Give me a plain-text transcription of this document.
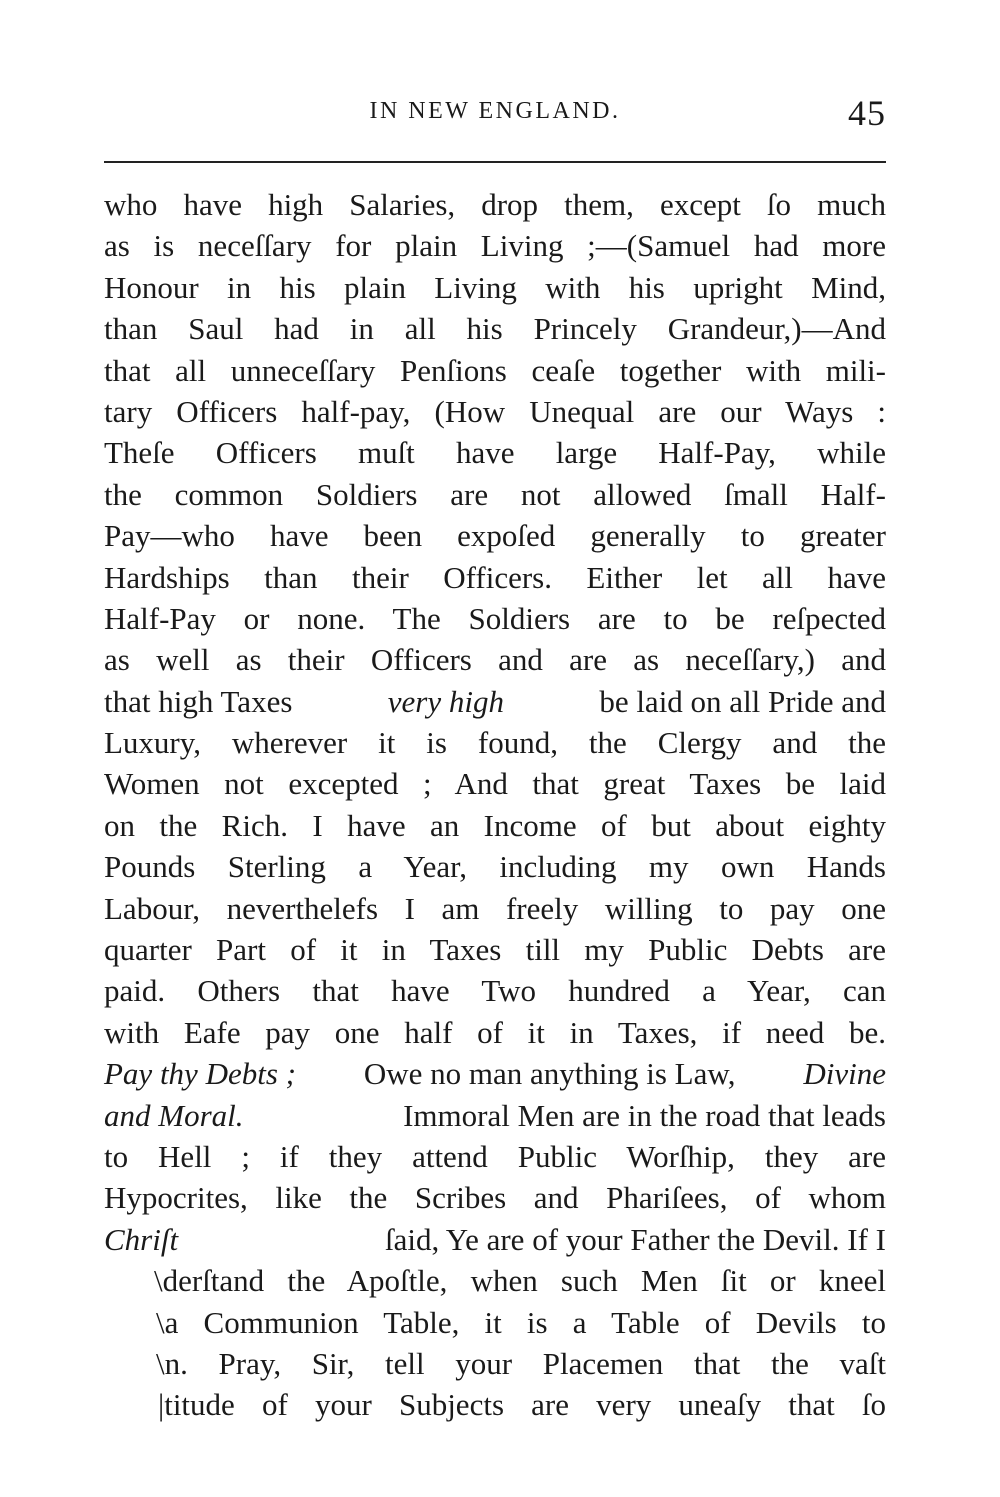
IN NEW ENGLAND.	45
who have high Salaries, drop them, except ſo much
as is neceſſary for plain Living ;—(Samuel had more
Honour in his plain Living with his upright Mind,
than Saul had in all his Princely Grandeur,)—And
that all unneceſſary Penſions ceaſe together with mili-
tary Officers half-pay, (How Unequal are our Ways :
Theſe Officers muſt have large Half-Pay, while
the common Soldiers are not allowed ſmall Half-
Pay—who have been expoſed generally to greater
Hardships than their Officers. Either let all have
Half-Pay or none. The Soldiers are to be reſpected
as well as their Officers and are as neceſſary,) and
that high Taxes	very high	be laid on all Pride and
Luxury, wherever it is found, the Clergy and the
Women not excepted ; And that great Taxes be laid
on the Rich. I have an Income of but about eighty
Pounds Sterling a Year, including my own Hands
Labour, neverthelefs I am freely willing to pay one
quarter Part of it in Taxes till my Public Debts are
paid. Others that have Two hundred a Year, can
with Eafe pay one half of it in Taxes, if need be.
Pay thy Debts ; Owe no man anything is Law, Divine
and Moral.	Immoral Men are in the road that leads
to Hell ; if they attend Public Worſhip, they are
Hypocrites, like the Scribes and Phariſees, of whom
Chriſt	ſaid, Ye are of your Father the Devil. If I
\derſtand the Apoſtle, when such Men ſit or kneel
\a Communion Table, it is a Table of Devils to
\n. Pray, Sir, tell your Placemen that the vaſt
|titude of your Subjects are very uneaſy that ſo
